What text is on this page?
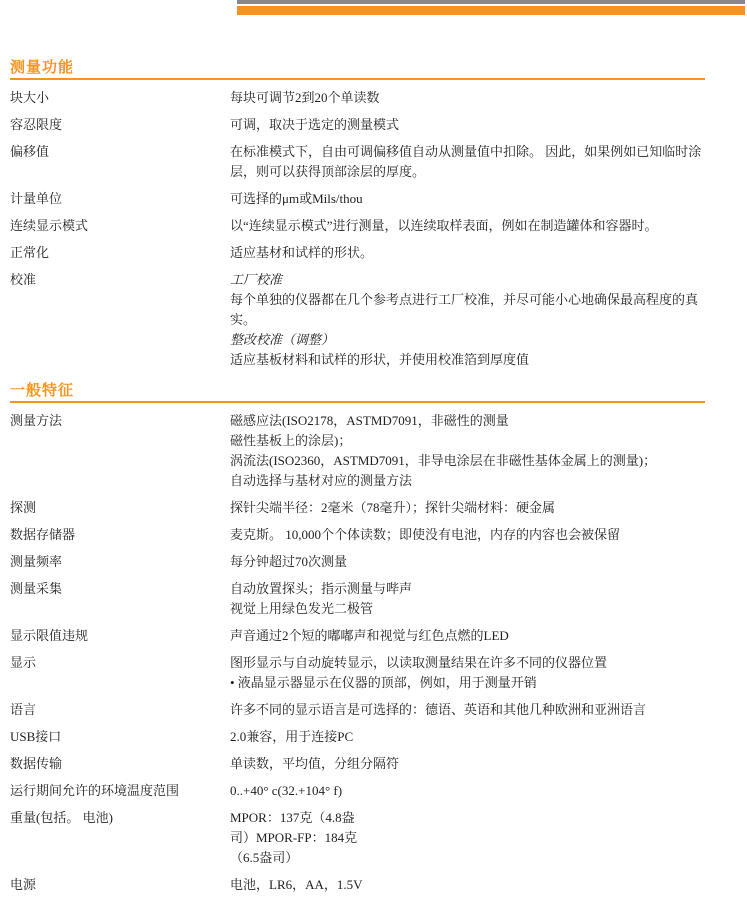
测量功能
块大小	每块可调节2到20个单读数
容忍限度	可调，取决于选定的测量模式
偏移值	在标准模式下，自由可调偏移值自动从测量值中扣除。 因此，如果例如已知临时涂
层，则可以获得顶部涂层的厚度。
计量单位	可选择的μm或Mils/thou
连续显示模式	以“连续显示模式”进行测量，以连续取样表面，例如在制造罐体和容器时。
正常化	适应基材和试样的形状。
校准	工厂校准
每个单独的仪器都在几个参考点进行工厂校准，并尽可能小心地确保最高程度的真
实。
整改校准（调整）
适应基板材料和试样的形状，并使用校准箔到厚度值
一般特征
测量方法	磁感应法(ISO2178，ASTMD7091，非磁性的测量
磁性基板上的涂层)；
涡流法(ISO2360，ASTMD7091，非导电涂层在非磁性基体金属上的测量)；
自动选择与基材对应的测量方法
探测	探针尖端半径：2毫米（78毫升）；探针尖端材料：硬金属
数据存储器	麦克斯。 10,000个个体读数；即使没有电池，内存的内容也会被保留
测量频率	每分钟超过70次测量
测量采集	自动放置探头；指示测量与哔声
视觉上用绿色发光二极管
显示限值违规	声音通过2个短的嘟嘟声和视觉与红色点燃的LED
显示	图形显示与自动旋转显示，以读取测量结果在许多不同的仪器位置
• 液晶显示器显示在仪器的顶部，例如，用于测量开销
语言	许多不同的显示语言是可选择的：德语、英语和其他几种欧洲和亚洲语言
USB接口	2.0兼容，用于连接PC
数据传输	单读数，平均值，分组分隔符
运行期间允许的环境温度范围	0..+40° c(32.+104° f)
重量(包括。 电池)	MPOR：137克（4.8盎
司）MPOR-FP：184克
（6.5盎司）
电源	电池，LR6，AA，1.5V
